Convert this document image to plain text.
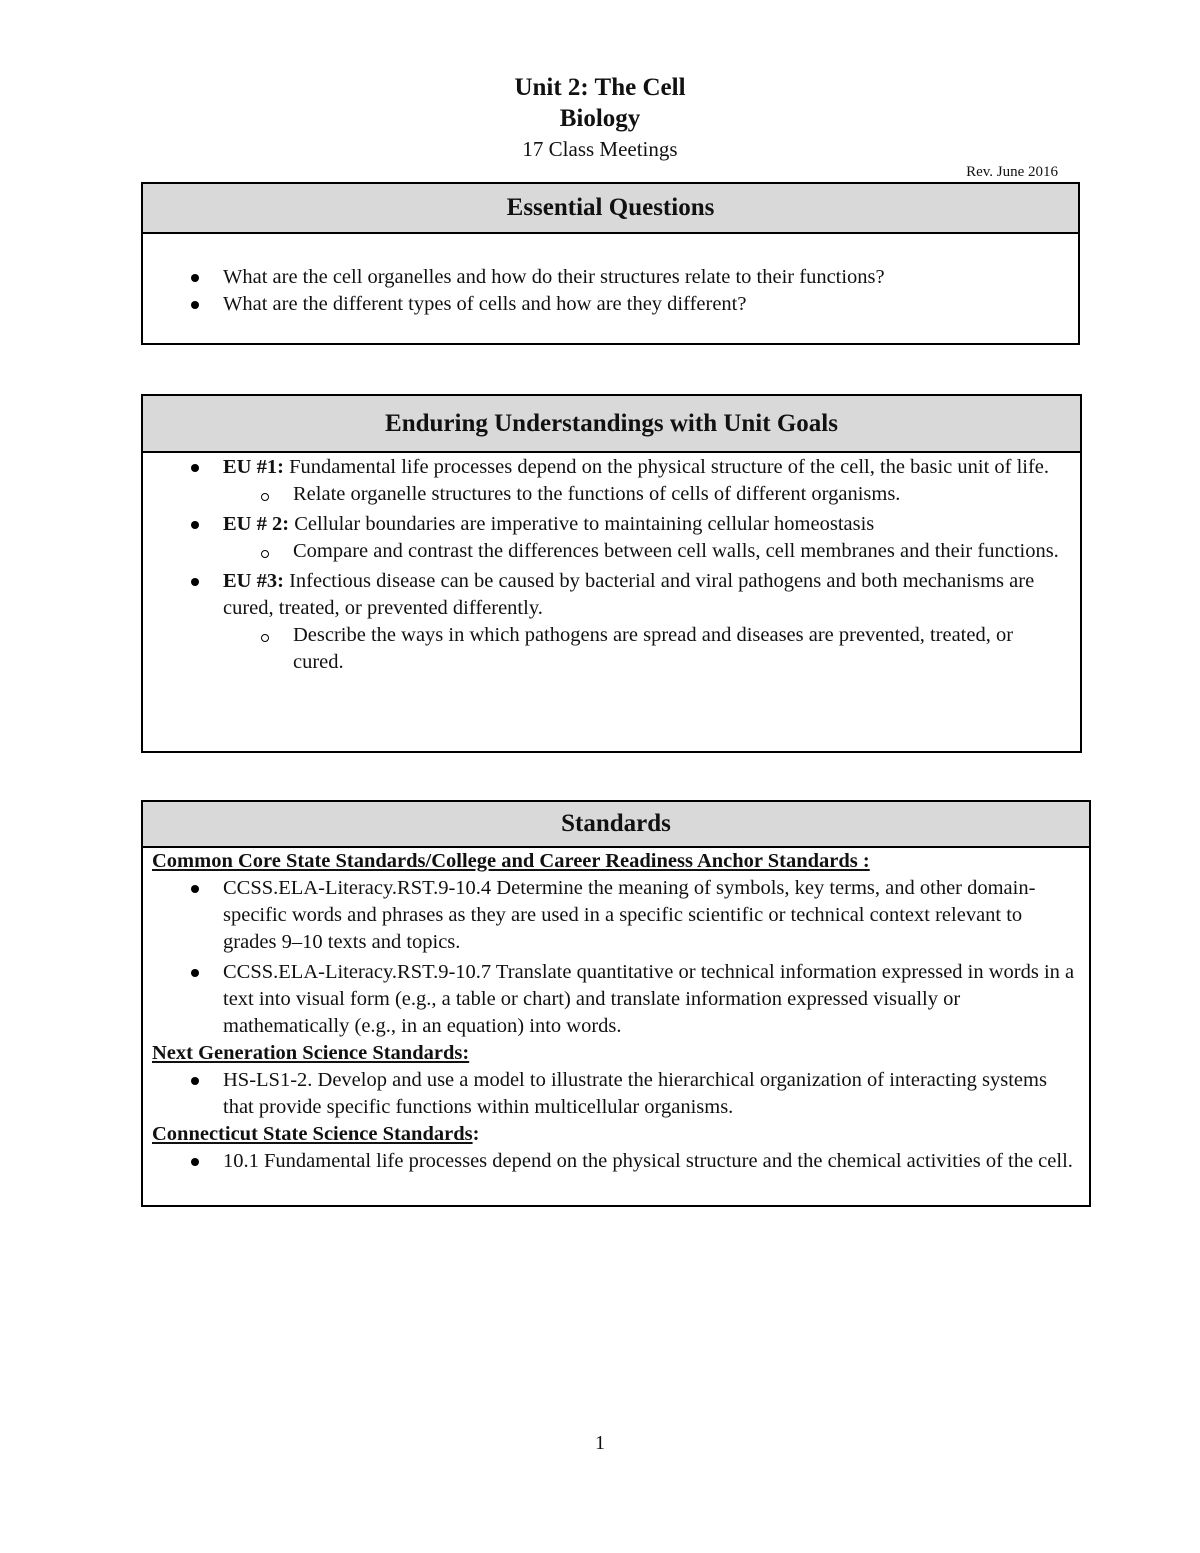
Unit 2: The Cell
Biology
17 Class Meetings
Rev. June 2016
Essential Questions
What are the cell organelles and how do their structures relate to their functions?
What are the different types of cells and how are they different?
Enduring Understandings with Unit Goals
EU #1: Fundamental life processes depend on the physical structure of the cell, the basic unit of life.
Relate organelle structures to the functions of cells of different organisms.
EU # 2: Cellular boundaries are imperative to maintaining cellular homeostasis
Compare and contrast the differences between cell walls, cell membranes and their functions.
EU #3: Infectious disease can be caused by bacterial and viral pathogens and both mechanisms are cured, treated, or prevented differently.
Describe the ways in which pathogens are spread and diseases are prevented, treated, or cured.
Standards
Common Core State Standards/College and Career Readiness Anchor Standards :
CCSS.ELA-Literacy.RST.9-10.4 Determine the meaning of symbols, key terms, and other domain-specific words and phrases as they are used in a specific scientific or technical context relevant to grades 9–10 texts and topics.
CCSS.ELA-Literacy.RST.9-10.7 Translate quantitative or technical information expressed in words in a text into visual form (e.g., a table or chart) and translate information expressed visually or mathematically (e.g., in an equation) into words.
Next Generation Science Standards:
HS-LS1-2. Develop and use a model to illustrate the hierarchical organization of interacting systems that provide specific functions within multicellular organisms.
Connecticut State Science Standards:
10.1 Fundamental life processes depend on the physical structure and the chemical activities of the cell.
1
